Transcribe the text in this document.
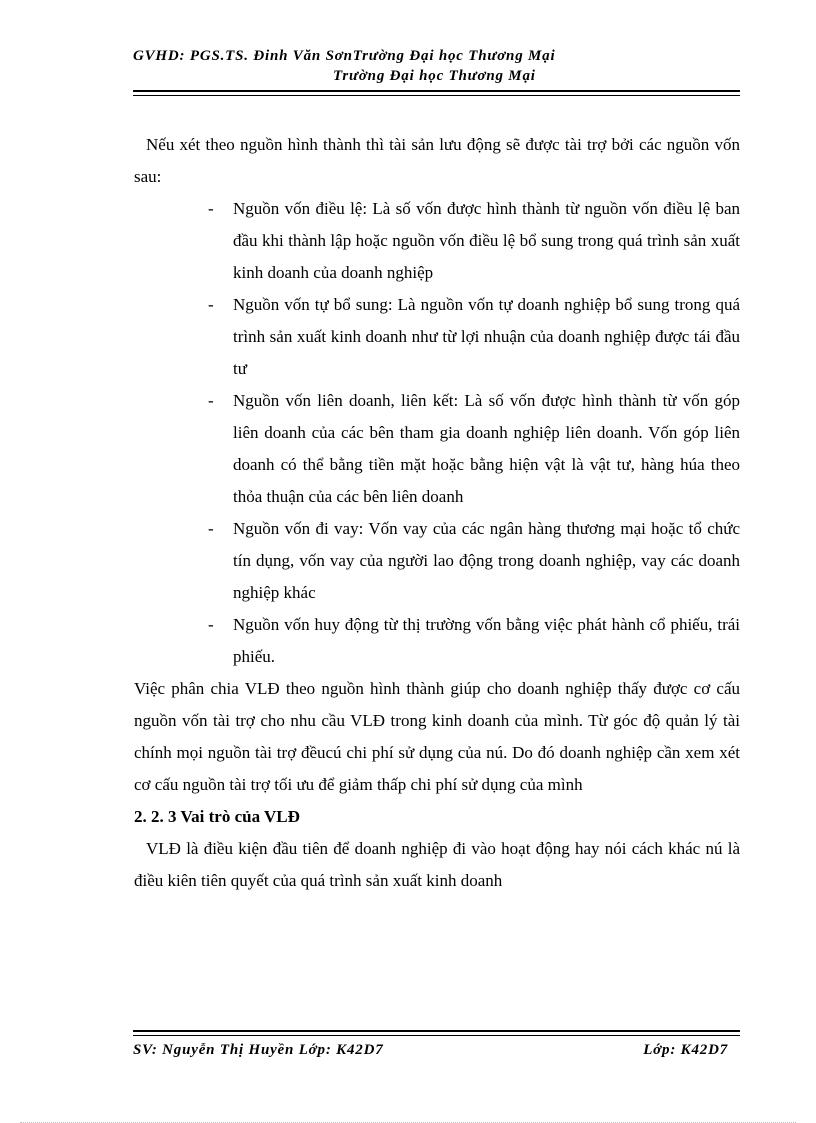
GVHD: PGS.TS. Đinh Văn SơnTrường Đại học Thương Mại
Trường Đại học Thương Mại

Nếu xét theo nguồn hình thành thì tài sản lưu động sẽ được tài trợ bởi các nguồn vốn sau:

- Nguồn vốn điều lệ: Là số vốn được hình thành từ nguồn vốn điều lệ ban đầu khi thành lập hoặc nguồn vốn điều lệ bổ sung trong quá trình sản xuất kinh doanh của doanh nghiệp
- Nguồn vốn tự bổ sung: Là nguồn vốn tự doanh nghiệp bổ sung trong quá trình sản xuất kinh doanh như từ lợi nhuận của doanh nghiệp được tái đầu tư
- Nguồn vốn liên doanh, liên kết: Là số vốn được hình thành từ vốn góp liên doanh của các bên tham gia doanh nghiệp liên doanh. Vốn góp liên doanh có thể bằng tiền mặt hoặc bằng hiện vật là vật tư, hàng húa theo thỏa thuận của các bên liên doanh
- Nguồn vốn đi vay: Vốn vay của các ngân hàng thương mại hoặc tổ chức tín dụng, vốn vay của người lao động trong doanh nghiệp, vay các doanh nghiệp khác
- Nguồn vốn huy động từ thị trường vốn bằng việc phát hành cổ phiếu, trái phiếu.

Việc phân chia VLĐ theo nguồn hình thành giúp cho doanh nghiệp thấy được cơ cấu nguồn vốn tài trợ cho nhu cầu VLĐ trong kinh doanh của mình. Từ góc độ quản lý tài chính mọi nguồn tài trợ đềucú chi phí sử dụng của nú. Do đó doanh nghiệp cần xem xét cơ cấu nguồn tài trợ tối ưu để giảm thấp chi phí sử dụng của mình

2. 2. 3 Vai trò của VLĐ

VLĐ là điều kiện đầu tiên để doanh nghiệp đi vào hoạt động hay nói cách khác nú là điều kiên tiên quyết của quá trình sản xuất kinh doanh

SV: Nguyễn Thị Huyền Lớp: K42D7	Lớp: K42D7
